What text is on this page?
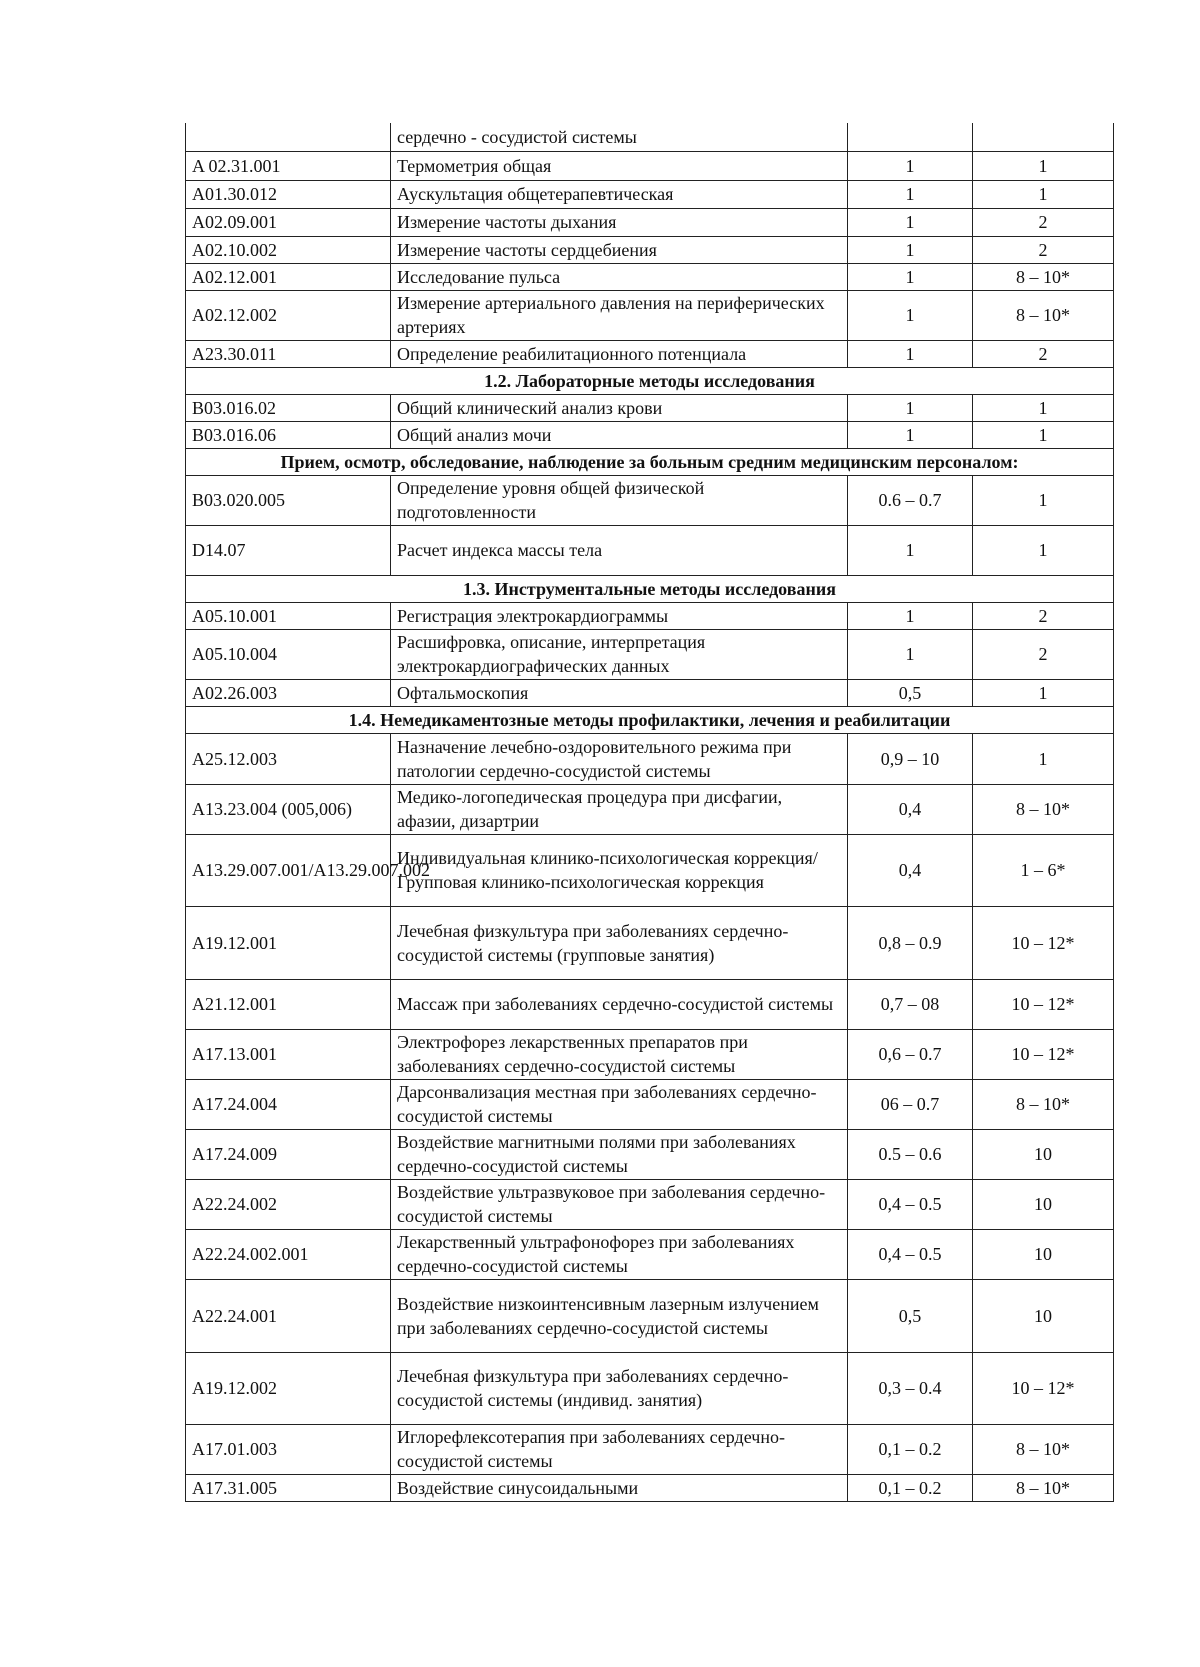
	сердечно - сосудистой системы		
A 02.31.001	Термометрия общая	1	1
A01.30.012	Аускультация общетерапевтическая	1	1
A02.09.001	Измерение частоты дыхания	1	2
A02.10.002	Измерение частоты сердцебиения	1	2
A02.12.001	Исследование пульса	1	8 – 10*
A02.12.002	Измерение артериального давления на периферических артериях	1	8 – 10*
A23.30.011	Определение реабилитационного потенциала	1	2
1.2. Лабораторные методы исследования			
B03.016.02	Общий клинический анализ крови	1	1
B03.016.06	Общий анализ мочи	1	1
Прием, осмотр, обследование, наблюдение за больным средним медицинским персоналом:			
B03.020.005	Определение уровня общей физической подготовленности	0.6 – 0.7	1
D14.07	Расчет индекса массы тела	1	1
1.3. Инструментальные методы исследования			
A05.10.001	Регистрация электрокардиограммы	1	2
A05.10.004	Расшифровка, описание, интерпретация электрокардиографических данных	1	2
A02.26.003	Офтальмоскопия	0,5	1
1.4. Немедикаментозные методы профилактики, лечения и реабилитации			
A25.12.003	Назначение лечебно-оздоровительного режима при патологии сердечно-сосудистой системы	0,9 – 10	1
A13.23.004 (005,006)	Медико-логопедическая процедура при дисфагии, афазии, дизартрии	0,4	8 – 10*
A13.29.007.001/A13.29.007.002	Индивидуальная клинико-психологическая коррекция/Групповая клинико-психологическая коррекция	0,4	1 – 6*
A19.12.001	Лечебная физкультура при заболеваниях сердечно-сосудистой системы (групповые занятия)	0,8 – 0.9	10 – 12*
A21.12.001	Массаж при заболеваниях сердечно-сосудистой системы	0,7 – 08	10 – 12*
A17.13.001	Электрофорез лекарственных препаратов при заболеваниях сердечно-сосудистой системы	0,6 – 0.7	10 – 12*
A17.24.004	Дарсонвализация местная при заболеваниях сердечно-сосудистой системы	06 – 0.7	8 – 10*
A17.24.009	Воздействие магнитными полями при заболеваниях сердечно-сосудистой системы	0.5 – 0.6	10
A22.24.002	Воздействие ультразвуковое при заболевания сердечно-сосудистой системы	0,4 – 0.5	10
A22.24.002.001	Лекарственный ультрафонофорез при заболеваниях сердечно-сосудистой системы	0,4 – 0.5	10
A22.24.001	Воздействие низкоинтенсивным лазерным излучением при заболеваниях сердечно-сосудистой системы	0,5	10
A19.12.002	Лечебная физкультура при заболеваниях сердечно-сосудистой системы (индивид. занятия)	0,3 – 0.4	10 – 12*
A17.01.003	Иглорефлексотерапия при заболеваниях сердечно-сосудистой системы	0,1 – 0.2	8 – 10*
A17.31.005	Воздействие синусоидальными	0,1 – 0.2	8 – 10*
